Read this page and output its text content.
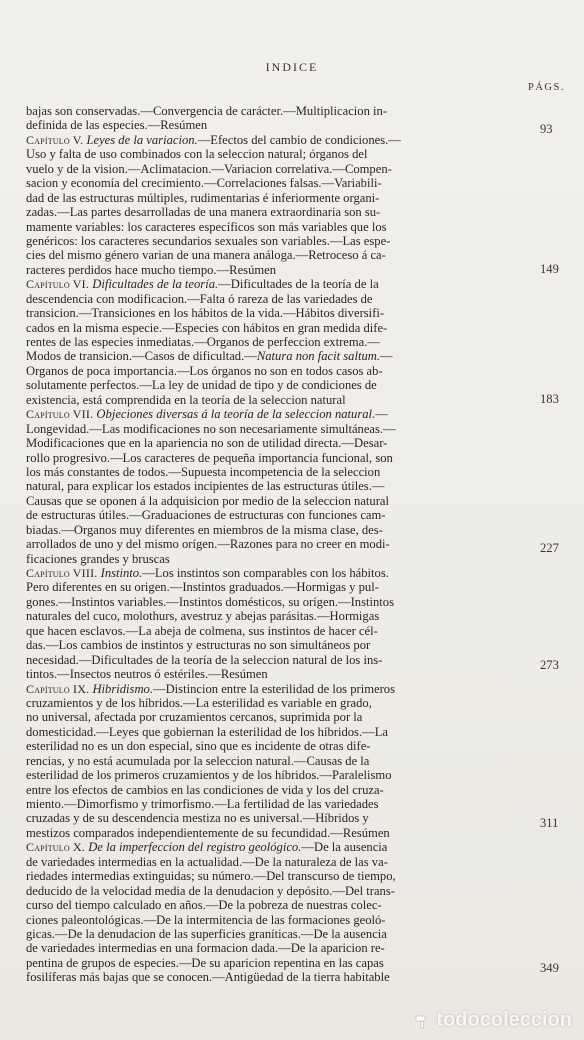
INDICE
PÁGS.
bajas son conservadas.—Convergencia de carácter.—Multiplicacion in-
definida de las especies.—Resúmen
Capítulo V. Leyes de la variacion.—Efectos del cambio de condiciones.—
Uso y falta de uso combinados con la seleccion natural; órganos del
vuelo y de la vision.—Aclimatacion.—Variacion correlativa.—Compen-
sacion y economía del crecimiento.—Correlaciones falsas.—Variabili-
dad de las estructuras múltiples, rudimentarias é inferiormente organi-
zadas.—Las partes desarrolladas de una manera extraordinaria son su-
mamente variables: los caracteres específicos son más variables que los
genéricos: los caracteres secundarios sexuales son variables.—Las espe-
cies del mismo género varian de una manera análoga.—Retroceso á ca-
racteres perdidos hace mucho tiempo.—Resúmen
Capítulo VI. Dificultades de la teoría.—Dificultades de la teoría de la
descendencia con modificacion.—Falta ó rareza de las variedades de
transicion.—Transiciones en los hábitos de la vida.—Hábitos diversifi-
cados en la misma especie.—Especies con hábitos en gran medida dife-
rentes de las especies inmediatas.—Organos de perfeccion extrema.—
Modos de transicion.—Casos de dificultad.—Natura non facit saltum.—
Organos de poca importancia.—Los órganos no son en todos casos ab-
solutamente perfectos.—La ley de unidad de tipo y de condiciones de
existencia, está comprendida en la teoría de la seleccion natural
Capítulo VII. Objeciones diversas á la teoría de la seleccion natural.—
Longevidad.—Las modificaciones no son necesariamente simultáneas.—
Modificaciones que en la apariencia no son de utilidad directa.—Desar-
rollo progresivo.—Los caracteres de pequeña importancia funcional, son
los más constantes de todos.—Supuesta incompetencia de la seleccion
natural, para explicar los estados incipientes de las estructuras útiles.—
Causas que se oponen á la adquisicion por medio de la seleccion natural
de estructuras útiles.—Graduaciones de estructuras con funciones cam-
biadas.—Organos muy diferentes en miembros de la misma clase, des-
arrollados de uno y del mismo orígen.—Razones para no creer en modi-
ficaciones grandes y bruscas
Capítulo VIII. Instinto.—Los instintos son comparables con los hábitos.
Pero diferentes en su origen.—Instintos graduados.—Hormigas y pul-
gones.—Instintos variables.—Instintos domésticos, su orígen.—Instintos
naturales del cuco, molothurs, avestruz y abejas parásitas.—Hormigas
que hacen esclavos.—La abeja de colmena, sus instintos de hacer cél-
das.—Los cambios de instintos y estructuras no son simultáneos por
necesidad.—Dificultades de la teoría de la seleccion natural de los ins-
tintos.—Insectos neutros ó estériles.—Resúmen
Capítulo IX. Hibridismo.—Distincion entre la esterilidad de los primeros
cruzamientos y de los híbridos.—La esterilidad es variable en grado,
no universal, afectada por cruzamientos cercanos, suprimida por la
domesticidad.—Leyes que gobiernan la esterilidad de los híbridos.—La
esterilidad no es un don especial, sino que es incidente de otras dife-
rencias, y no está acumulada por la seleccion natural.—Causas de la
esterilidad de los primeros cruzamientos y de los híbridos.—Paralelismo
entre los efectos de cambios en las condiciones de vida y los del cruza-
miento.—Dimorfismo y trimorfismo.—La fertilidad de las variedades
cruzadas y de su descendencia mestiza no es universal.—Híbridos y
mestizos comparados independientemente de su fecundidad.—Resúmen
Capítulo X. De la imperfeccion del registro geológico.—De la ausencia
de variedades intermedias en la actualidad.—De la naturaleza de las va-
riedades intermedias extinguidas; su número.—Del transcurso de tiempo,
deducido de la velocidad media de la denudacion y depósito.—Del trans-
curso del tiempo calculado en años.—De la pobreza de nuestras colec-
ciones paleontológicas.—De la intermitencia de las formaciones geoló-
gicas.—De la denudacion de las superficies graníticas.—De la ausencia
de variedades intermedias en una formacion dada.—De la aparicion re-
pentina de grupos de especies.—De su aparicion repentina en las capas
fosilíferas más bajas que se conocen.—Antigüedad de la tierra habitable
93
149
183
227
273
311
349
todocoleccion
